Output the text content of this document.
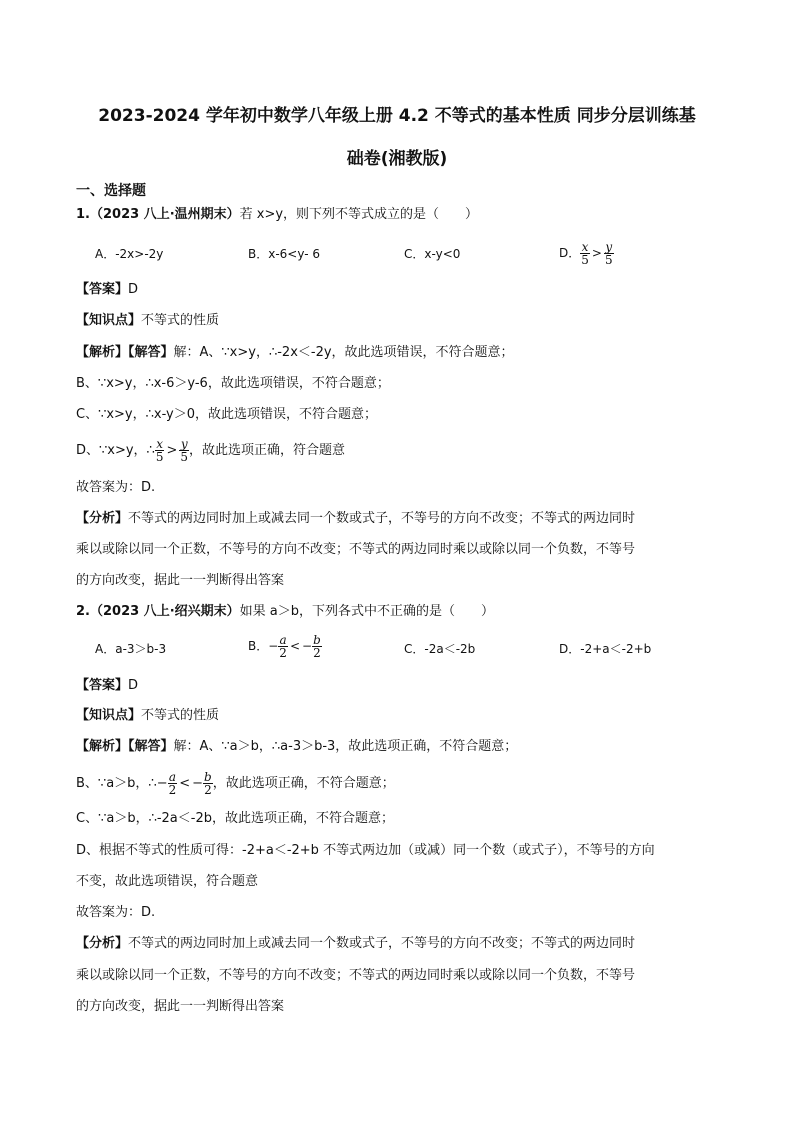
2023-2024 学年初中数学八年级上册 4.2 不等式的基本性质 同步分层训练基
础卷(湘教版)
一、选择题
1.（2023 八上·温州期末）若 x>y，则下列不等式成立的是（　　）
A．-2x>-2y	B．x-6<y- 6	C．x-y<0	D． $\frac{x}{5} > \frac{y}{5}$
【答案】D
【知识点】不等式的性质
【解析】【解答】解：A、∵x>y，∴-2x＜-2y，故此选项错误，不符合题意；
B、∵x>y，∴x-6＞y-6，故此选项错误，不符合题意；
C、∵x>y，∴x-y＞0，故此选项错误，不符合题意；
D、∵x>y，∴ $\frac{x}{5} > \frac{y}{5}$ ，故此选项正确，符合题意
故答案为：D.
【分析】不等式的两边同时加上或减去同一个数或式子，不等号的方向不改变；不等式的两边同时
乘以或除以同一个正数，不等号的方向不改变；不等式的两边同时乘以或除以同一个负数，不等号
的方向改变，据此一一判断得出答案
2.（2023 八上·绍兴期末）如果 a＞b，下列各式中不正确的是（　　）
A．a-3＞b-3	B．− $\frac{a}{2}$ < − $\frac{b}{2}$	C．-2a＜-2b	D．-2+a＜-2+b
【答案】D
【知识点】不等式的性质
【解析】【解答】解：A、∵a＞b，∴a-3＞b-3，故此选项正确，不符合题意；
B、∵a＞b，∴− $\frac{a}{2}$ < − $\frac{b}{2}$ ，故此选项正确，不符合题意；
C、∵a＞b，∴-2a＜-2b，故此选项正确，不符合题意；
D、根据不等式的性质可得：-2+a＜-2+b 不等式两边加（或减）同一个数（或式子），不等号的方向
不变，故此选项错误，符合题意
故答案为：D.
【分析】不等式的两边同时加上或减去同一个数或式子，不等号的方向不改变；不等式的两边同时
乘以或除以同一个正数，不等号的方向不改变；不等式的两边同时乘以或除以同一个负数，不等号
的方向改变，据此一一判断得出答案
